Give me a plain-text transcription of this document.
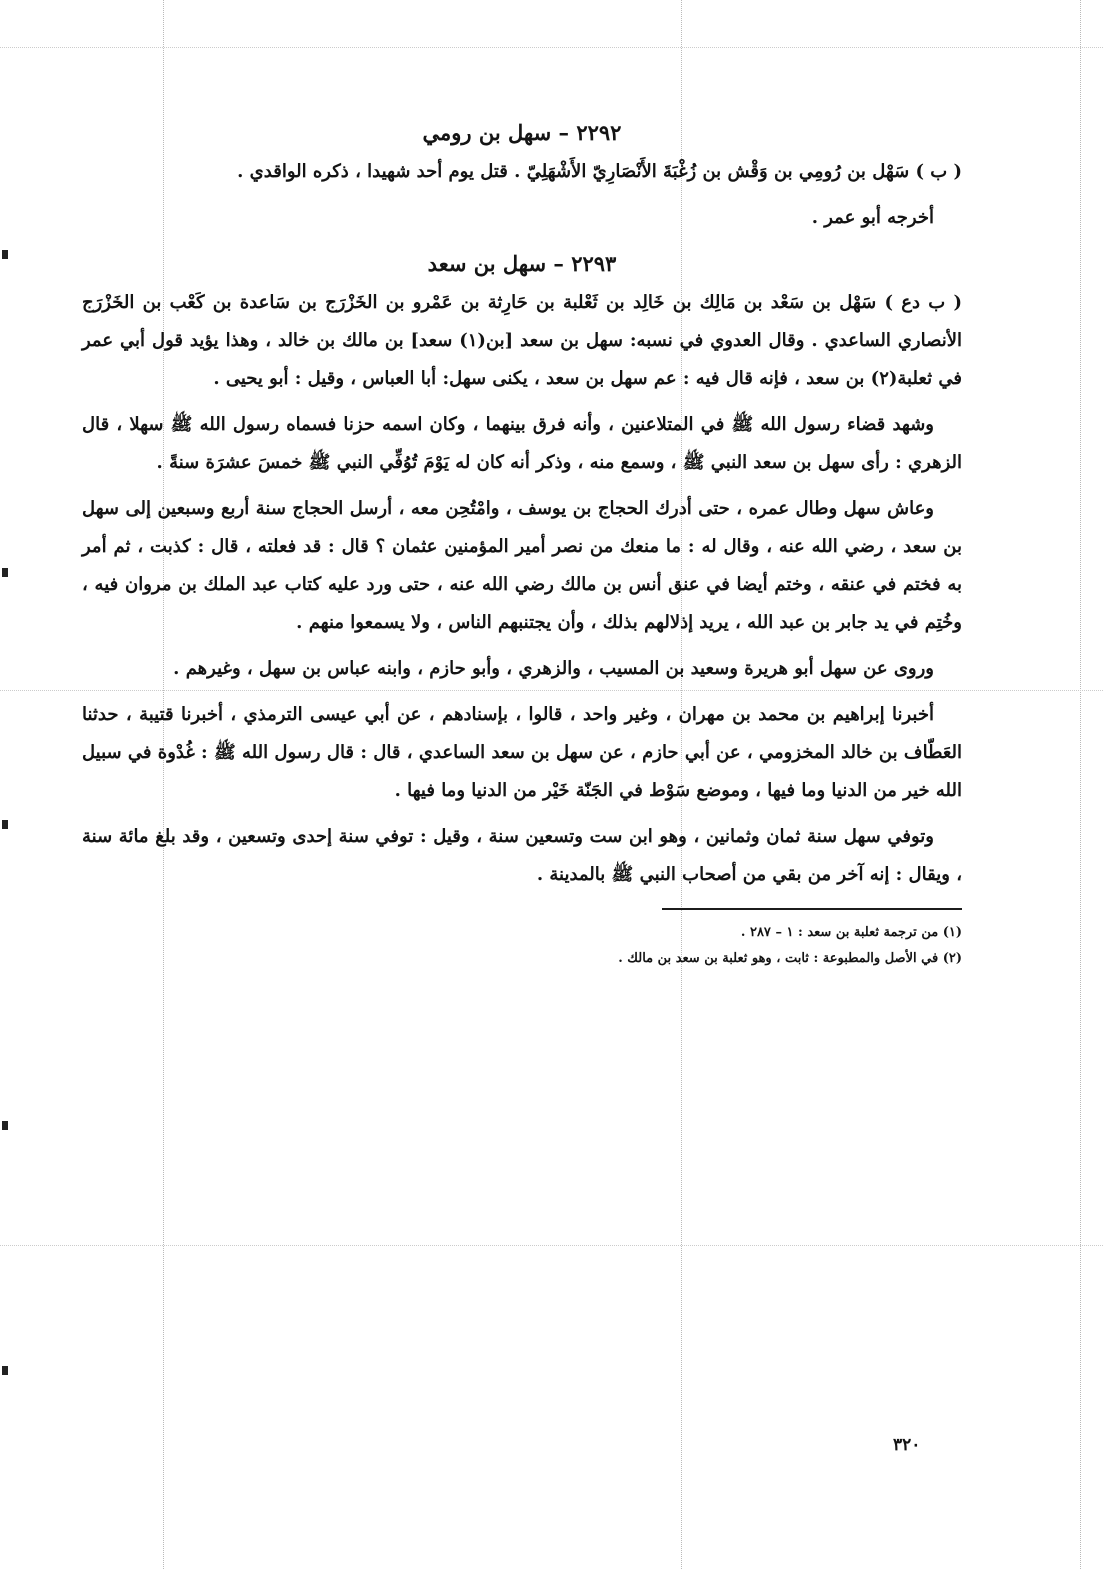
٢٢٩٢ – سهل بن رومي

( ب ) سَهْل بن رُومِي بن وَقْش بن زُغْبَةَ الأَنْصَارِيّ الأَشْهَلِيّ . قتل يوم أحد شهيدا ، ذكره الواقدي .

أخرجه أبو عمر .

٢٢٩٣ – سهل بن سعد

( ب دع ) سَهْل بن سَعْد بن مَالِك بن خَالِد بن ثَعْلبة بن حَارِثة بن عَمْرو بن الخَزْرَج بن سَاعدة بن كَعْب بن الخَزْرَج الأنصاري الساعدي . وقال العدوي في نسبه: سهل بن سعد [بن(١) سعد] بن مالك بن خالد ، وهذا يؤيد قول أبي عمر في ثعلبة(٢) بن سعد ، فإنه قال فيه : عم سهل بن سعد ، يكنى سهل: أبا العباس ، وقيل : أبو يحيى .

وشهد قضاء رسول الله ﷺ في المتلاعنين ، وأنه فرق بينهما ، وكان اسمه حزنا فسماه رسول الله ﷺ سهلا ، قال الزهري : رأى سهل بن سعد النبي ﷺ ، وسمع منه ، وذكر أنه كان له يَوْمَ تُوُفِّي النبي ﷺ خمسَ عشرَة سنةً .

وعاش سهل وطال عمره ، حتى أدرك الحجاج بن يوسف ، وامْتُحِن معه ، أرسل الحجاج سنة أربع وسبعين إلى سهل بن سعد ، رضي الله عنه ، وقال له : ما منعك من نصر أمير المؤمنين عثمان ؟ قال : قد فعلته ، قال : كذبت ، ثم أمر به فختم في عنقه ، وختم أيضا في عنق أنس بن مالك رضي الله عنه ، حتى ورد عليه كتاب عبد الملك بن مروان فيه ، وخُتِم في يد جابر بن عبد الله ، يريد إذلالهم بذلك ، وأن يجتنبهم الناس ، ولا يسمعوا منهم .

وروى عن سهل أبو هريرة وسعيد بن المسيب ، والزهري ، وأبو حازم ، وابنه عباس بن سهل ، وغيرهم .

أخبرنا إبراهيم بن محمد بن مهران ، وغير واحد ، قالوا ، بإسنادهم ، عن أبي عيسى الترمذي ، أخبرنا قتيبة ، حدثنا العَطّاف بن خالد المخزومي ، عن أبي حازم ، عن سهل بن سعد الساعدي ، قال : قال رسول الله ﷺ : غُدْوة في سبيل الله خير من الدنيا وما فيها ، وموضع سَوْط في الجَنّة خَيْر من الدنيا وما فيها .

وتوفي سهل سنة ثمان وثمانين ، وهو ابن ست وتسعين سنة ، وقيل : توفي سنة إحدى وتسعين ، وقد بلغ مائة سنة ، ويقال : إنه آخر من بقي من أصحاب النبي ﷺ بالمدينة .

(١) من ترجمة ثعلبة بن سعد : ١ – ٢٨٧ .

(٢) في الأصل والمطبوعة : ثابت ، وهو ثعلبة بن سعد بن مالك .

٣٢٠
